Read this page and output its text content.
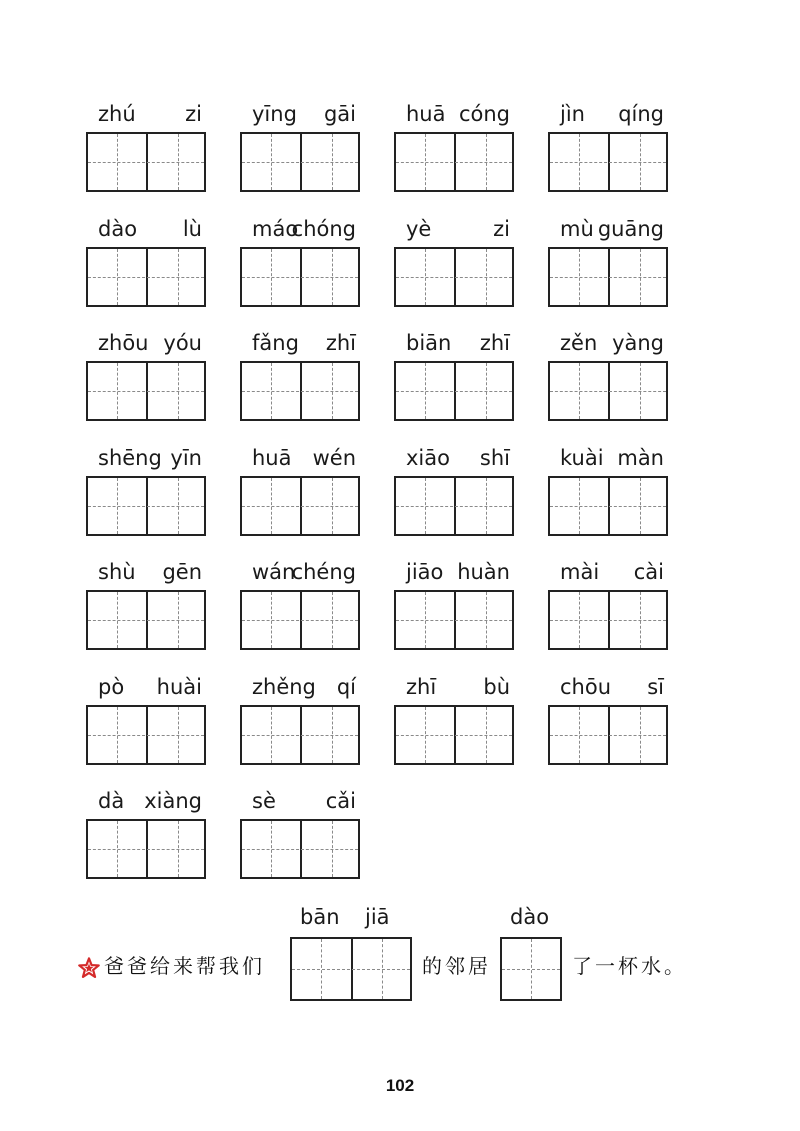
zhú zi yīng gāi huā cóng jìn qíng
dào lù máo
chóng yè	zi mù guāng
zhōu yóu fǎng zhī biān zhī zěn yàng
shēng yīn huā wén xiāo shī kuài màn
shù gēn wán
chéng jiāo huàn mài cài
pò huài zhěng qí zhī bù chōu sī
dà xiàng sè cǎi
爸爸给来帮我们
bān jiā
的邻居
dào
了一杯水。
102
